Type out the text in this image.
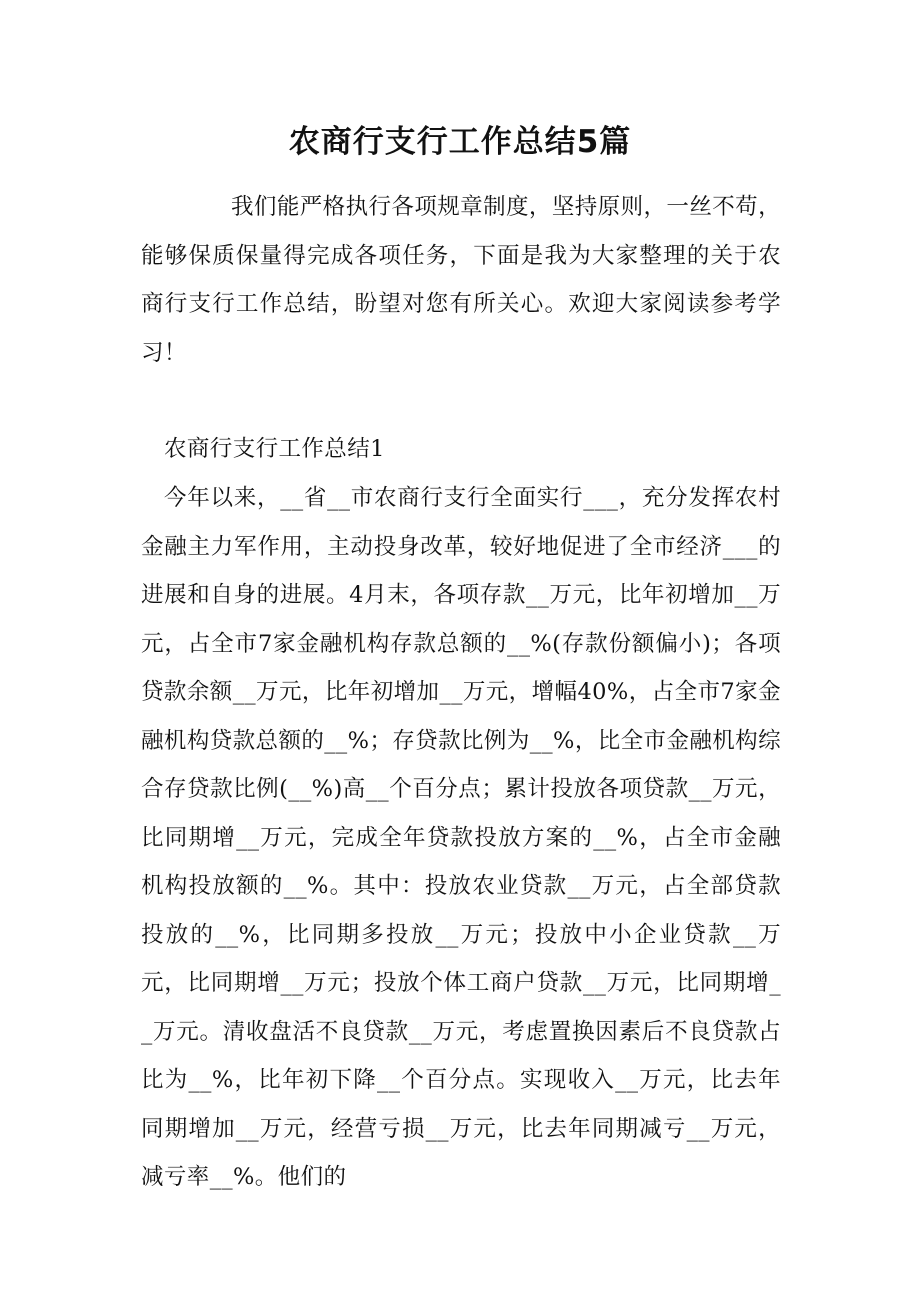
农商行支行工作总结5篇

我们能严格执行各项规章制度，坚持原则，一丝不苟，能够保质保量得完成各项任务，下面是我为大家整理的关于农商行支行工作总结，盼望对您有所关心。欢迎大家阅读参考学习！

农商行支行工作总结1

今年以来，__省__市农商行支行全面实行___，充分发挥农村金融主力军作用，主动投身改革，较好地促进了全市经济___的进展和自身的进展。4月末，各项存款__万元，比年初增加__万元，占全市7家金融机构存款总额的__%(存款份额偏小)；各项贷款余额__万元，比年初增加__万元，增幅40%，占全市7家金融机构贷款总额的__%；存贷款比例为__%，比全市金融机构综合存贷款比例(__%)高__个百分点；累计投放各项贷款__万元，比同期增__万元，完成全年贷款投放方案的__%，占全市金融机构投放额的__%。其中：投放农业贷款__万元，占全部贷款投放的__%，比同期多投放__万元；投放中小企业贷款__万元，比同期增__万元；投放个体工商户贷款__万元，比同期增__万元。清收盘活不良贷款__万元，考虑置换因素后不良贷款占比为__%，比年初下降__个百分点。实现收入__万元，比去年同期增加__万元，经营亏损__万元，比去年同期减亏__万元，减亏率__%。他们的
